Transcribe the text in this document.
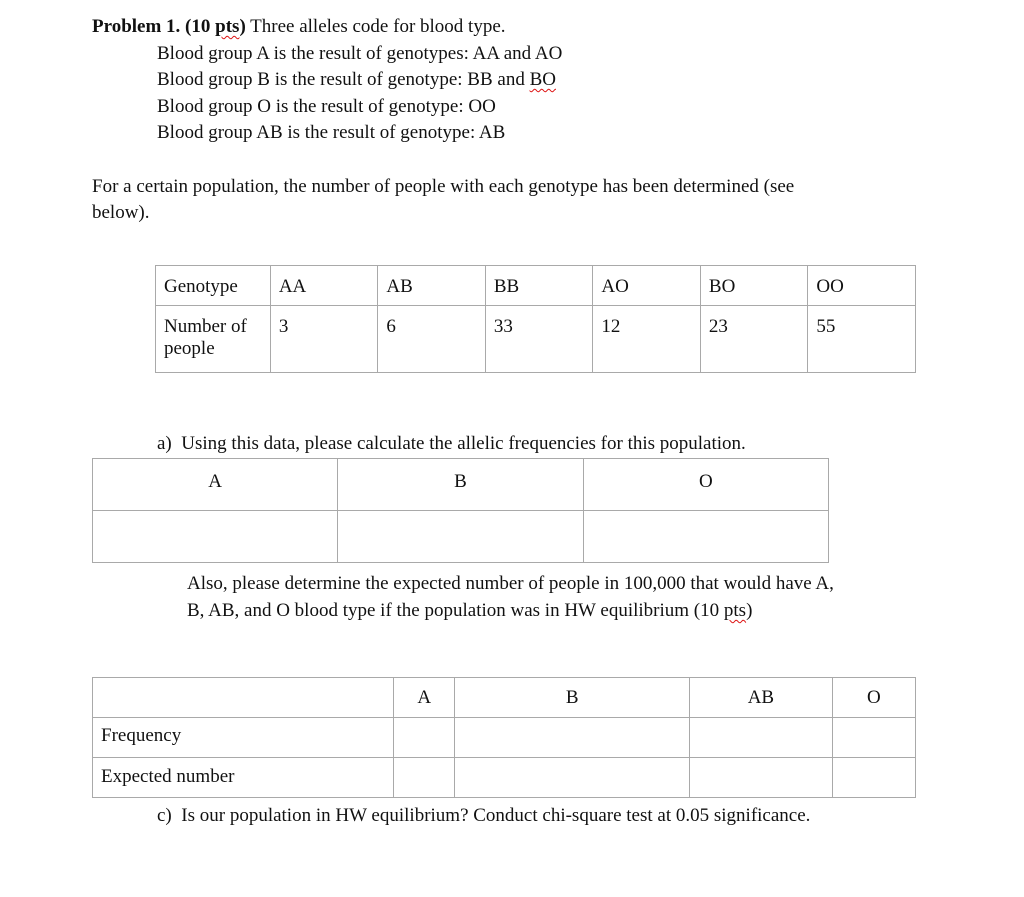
Problem 1. (10 pts) Three alleles code for blood type.
Blood group A is the result of genotypes: AA and AO
Blood group B is the result of genotype: BB and BO
Blood group O is the result of genotype: OO
Blood group AB is the result of genotype: AB
For a certain population, the number of people with each genotype has been determined (see
below).
Genotype	AA	AB	BB	AO	BO	OO
Number of
people	3	6	33	12	23	55
a) Using this data, please calculate the allelic frequencies for this population.
A	B	O

Also, please determine the expected number of people in 100,000 that would have A,
B, AB, and O blood type if the population was in HW equilibrium (10 pts)
	A	B	AB	O
Frequency				
Expected number				
c) Is our population in HW equilibrium? Conduct chi-square test at 0.05 significance.
